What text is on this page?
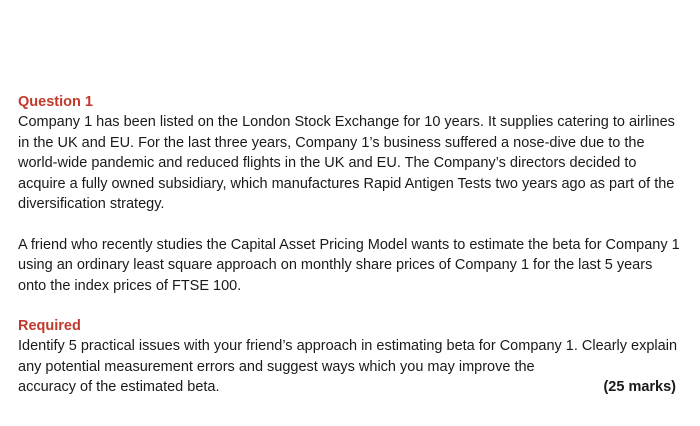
Question 1

Company 1 has been listed on the London Stock Exchange for 10 years. It supplies catering to airlines in the UK and EU. For the last three years, Company 1’s business suffered a nose-dive due to the world-wide pandemic and reduced flights in the UK and EU. The Company’s directors decided to acquire a fully owned subsidiary, which manufactures Rapid Antigen Tests two years ago as part of the diversification strategy.

A friend who recently studies the Capital Asset Pricing Model wants to estimate the beta for Company 1 using an ordinary least square approach on monthly share prices of Company 1 for the last 5 years onto the index prices of FTSE 100.

Required

Identify 5 practical issues with your friend’s approach in estimating beta for Company 1. Clearly explain any potential measurement errors and suggest ways which you may improve the

accuracy of the estimated beta.	(25 marks)
